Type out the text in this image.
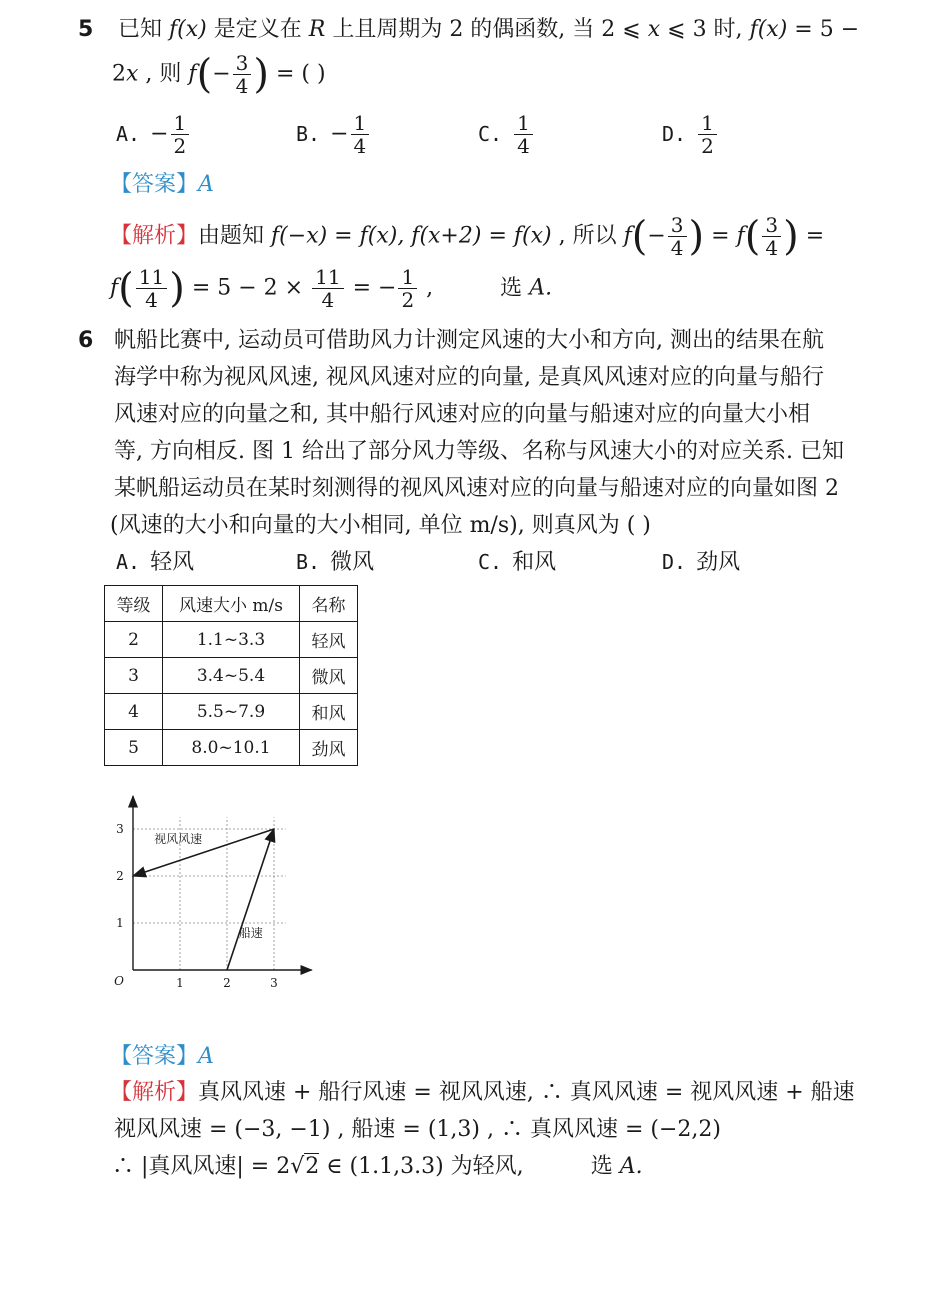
5 已知 f(x) 是定义在 R 上且周期为 2 的偶函数, 当 2 ⩽ x ⩽ 3 时, f(x) = 5 −
2x , 则 $f(- \frac{3}{4}$ ) = ( )
A. − $\frac{1}{2}$	B. − $\frac{1}{4}$	C. $\frac{1}{4}$	D. $\frac{1}{2}$
【答案】A
【解析】由题知 f(−x) = f(x), f(x+2) = f(x) , 所以 $f(- \frac{3}{4}$ ) = $f( \frac{3}{4}$ ) =
$f( \frac{11}{4}$ ) = $5 - 2 \times \frac{11}{4}$ = − $\frac{1}{2}$ ,	选 A.
6 帆船比赛中, 运动员可借助风力计测定风速的大小和方向, 测出的结果在航
海学中称为视风风速, 视风风速对应的向量, 是真风风速对应的向量与船行
风速对应的向量之和, 其中船行风速对应的向量与船速对应的向量大小相
等, 方向相反. 图 1 给出了部分风力等级、名称与风速大小的对应关系. 已知
某帆船运动员在某时刻测得的视风风速对应的向量与船速对应的向量如图 2
(风速的大小和向量的大小相同, 单位 m/s), 则真风为 ( )
A. 轻风	B. 微风	C. 和风	D. 劲风
等级	风速大小 m/s	名称
2	1.1~3.3	轻风
3	3.4~5.4	微风
4	5.5~7.9	和风
5	8.0~10.1	劲风
1	2	3
1
2
3
O
视风风速
船速
【答案】A
【解析】真风风速 + 船行风速 = 视风风速, ∴ 真风风速 = 视风风速 + 船速
视风风速 = (−3, −1) , 船速 = (1,3) , ∴ 真风风速 = (−2,2)
∴ |真风风速| = 2√2 ∈ (1.1,3.3) 为轻风,	选 A.
